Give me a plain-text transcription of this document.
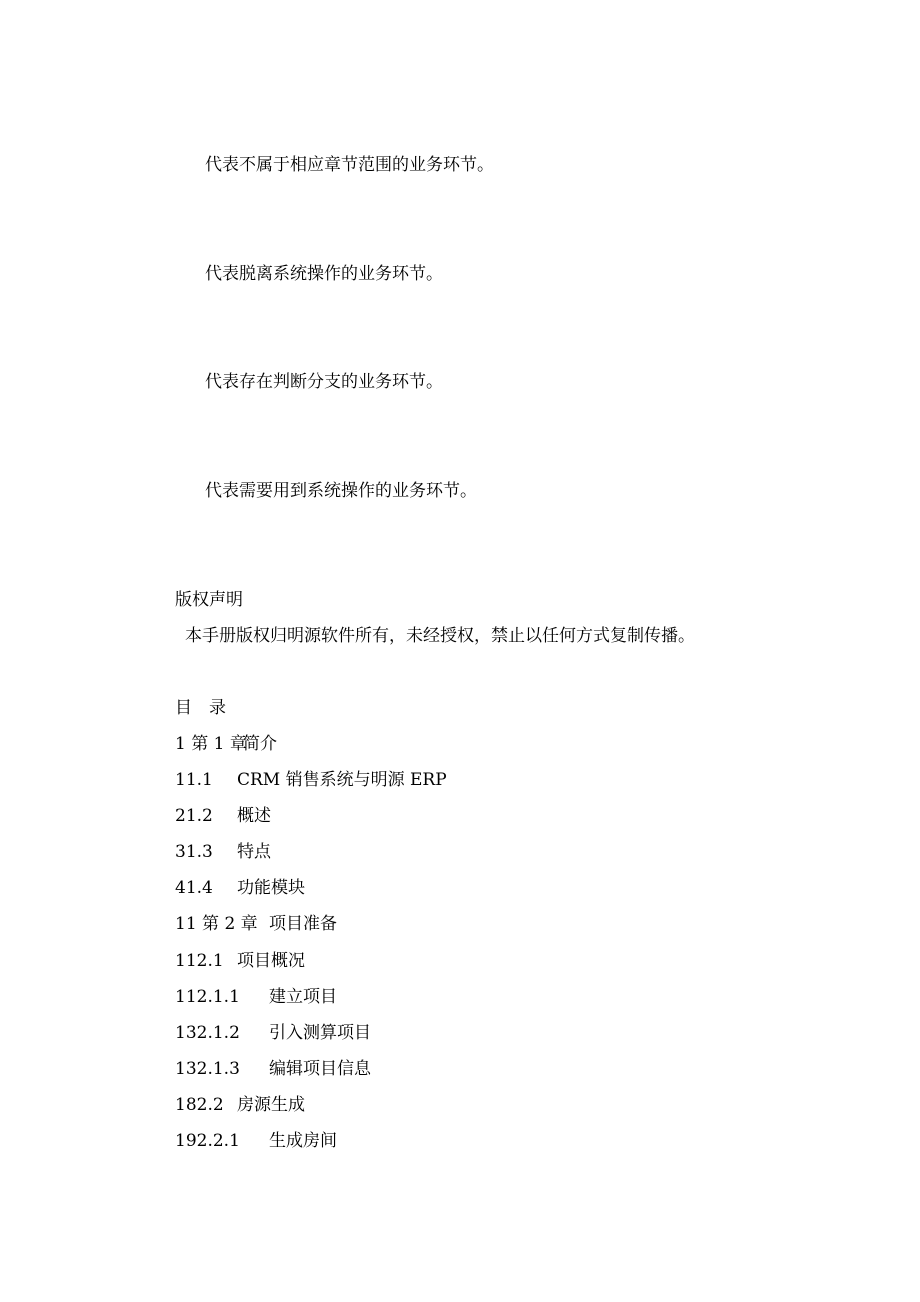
代表不属于相应章节范围的业务环节。
代表脱离系统操作的业务环节。
代表存在判断分支的业务环节。
代表需要用到系统操作的业务环节。
版权声明
本手册版权归明源软件所有，未经授权，禁止以任何方式复制传播。
目　录
1 第 1 章简介
11.1 CRM 销售系统与明源 ERP
21.2 概述
31.3 特点
41.4 功能模块
11 第 2 章 项目准备
112.1 项目概况
112.1.1 建立项目
132.1.2 引入测算项目
132.1.3 编辑项目信息
182.2 房源生成
192.2.1 生成房间
